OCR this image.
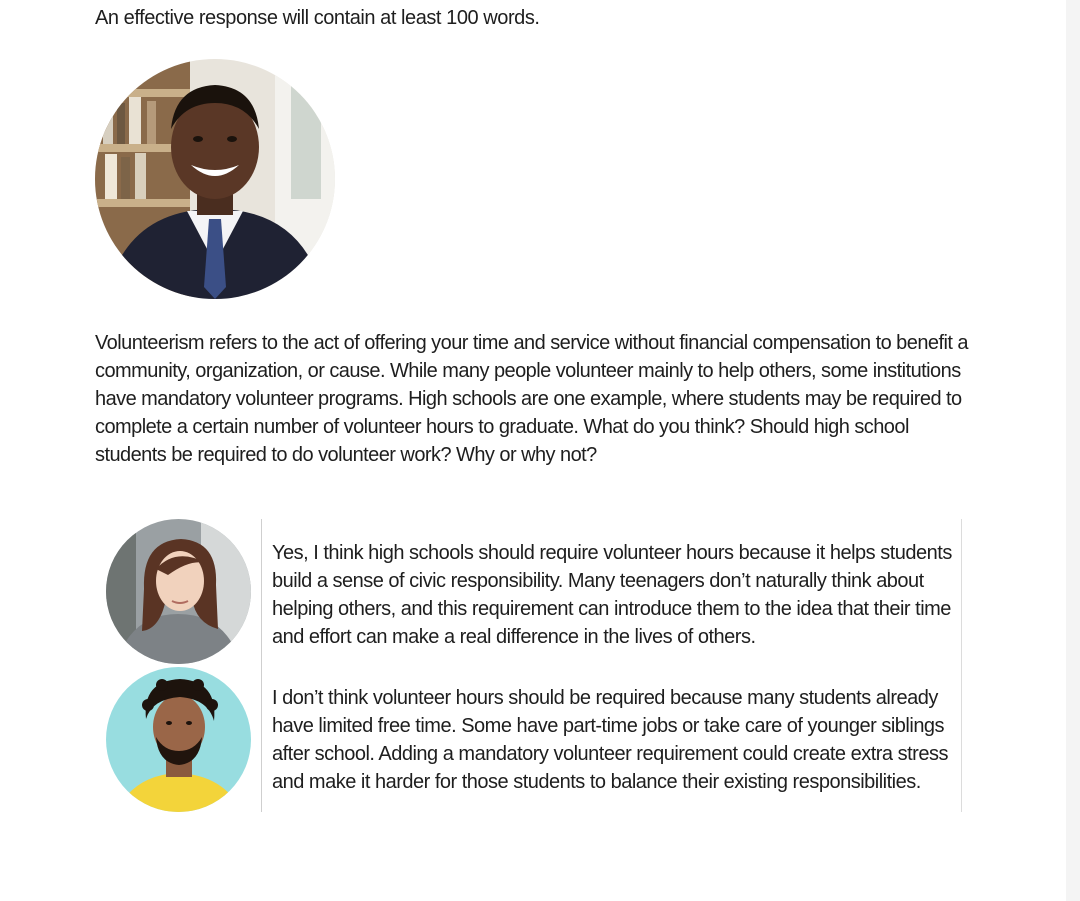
An effective response will contain at least 100 words.

Volunteerism refers to the act of offering your time and service without financial compensation to benefit a community, organization, or cause. While many people volunteer mainly to help others, some institutions have mandatory volunteer programs. High schools are one example, where students may be required to complete a certain number of volunteer hours to graduate. What do you think? Should high school students be required to do volunteer work? Why or why not?

Yes, I think high schools should require volunteer hours because it helps students build a sense of civic responsibility. Many teenagers don’t naturally think about helping others, and this requirement can introduce them to the idea that their time and effort can make a real difference in the lives of others.

I don’t think volunteer hours should be required because many students already have limited free time. Some have part-time jobs or take care of younger siblings after school. Adding a mandatory volunteer requirement could create extra stress and make it harder for those students to balance their existing responsibilities.
